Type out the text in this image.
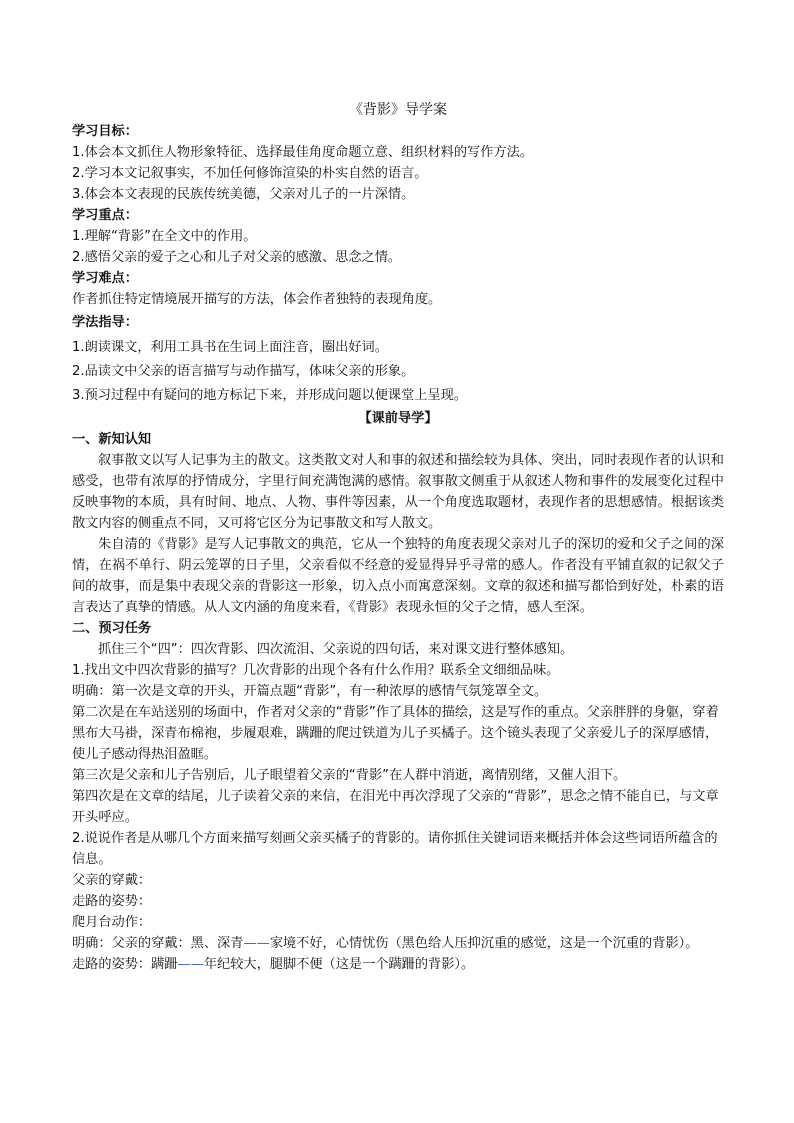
《背影》导学案
学习目标：
1.体会本文抓住人物形象特征、选择最佳角度命题立意、组织材料的写作方法。
2.学习本文记叙事实，不加任何修饰渲染的朴实自然的语言。
3.体会本文表现的民族传统美德，父亲对儿子的一片深情。
学习重点：
1.理解“背影”在全文中的作用。
2.感悟父亲的爱子之心和儿子对父亲的感激、思念之情。
学习难点：
作者抓住特定情境展开描写的方法，体会作者独特的表现角度。
学法指导：
1.朗读课文，利用工具书在生词上面注音，圈出好词。
2.品读文中父亲的语言描写与动作描写，体味父亲的形象。
3.预习过程中有疑问的地方标记下来，并形成问题以便课堂上呈现。
【课前导学】
一、新知认知
叙事散文以写人记事为主的散文。这类散文对人和事的叙述和描绘较为具体、突出，同时表现作者的认识和感受，也带有浓厚的抒情成分，字里行间充满饱满的感情。叙事散文侧重于从叙述人物和事件的发展变化过程中反映事物的本质，具有时间、地点、人物、事件等因素，从一个角度选取题材，表现作者的思想感情。根据该类散文内容的侧重点不同，又可将它区分为记事散文和写人散文。
朱自清的《背影》是写人记事散文的典范，它从一个独特的角度表现父亲对儿子的深切的爱和父子之间的深情，在祸不单行、阴云笼罩的日子里，父亲看似不经意的爱显得异乎寻常的感人。作者没有平铺直叙的记叙父子间的故事，而是集中表现父亲的背影这一形象，切入点小而寓意深刻。文章的叙述和描写都恰到好处，朴素的语言表达了真挚的情感。从人文内涵的角度来看，《背影》表现永恒的父子之情，感人至深。
二、预习任务
抓住三个“四”：四次背影、四次流泪、父亲说的四句话，来对课文进行整体感知。
1.找出文中四次背影的描写？几次背影的出现个各有什么作用？联系全文细细品味。
明确：第一次是文章的开头，开篇点题“背影”，有一种浓厚的感情气氛笼罩全文。
第二次是在车站送别的场面中，作者对父亲的“背影”作了具体的描绘，这是写作的重点。父亲胖胖的身躯，穿着黑布大马褂，深青布棉袍，步履艰难，蹒跚的爬过铁道为儿子买橘子。这个镜头表现了父亲爱儿子的深厚感情，使儿子感动得热泪盈眶。
第三次是父亲和儿子告别后，儿子眼望着父亲的“背影”在人群中消逝，离情别绪，又催人泪下。
第四次是在文章的结尾，儿子读着父亲的来信，在泪光中再次浮现了父亲的“背影”，思念之情不能自已，与文章开头呼应。
2.说说作者是从哪几个方面来描写刻画父亲买橘子的背影的。请你抓住关键词语来概括并体会这些词语所蕴含的信息。
父亲的穿戴：
走路的姿势：
爬月台动作：
明确：父亲的穿戴：黑、深青——家境不好，心情忧伤（黑色给人压抑沉重的感觉，这是一个沉重的背影）。
走路的姿势：蹒跚——年纪较大，腿脚不便（这是一个蹒跚的背影）。
